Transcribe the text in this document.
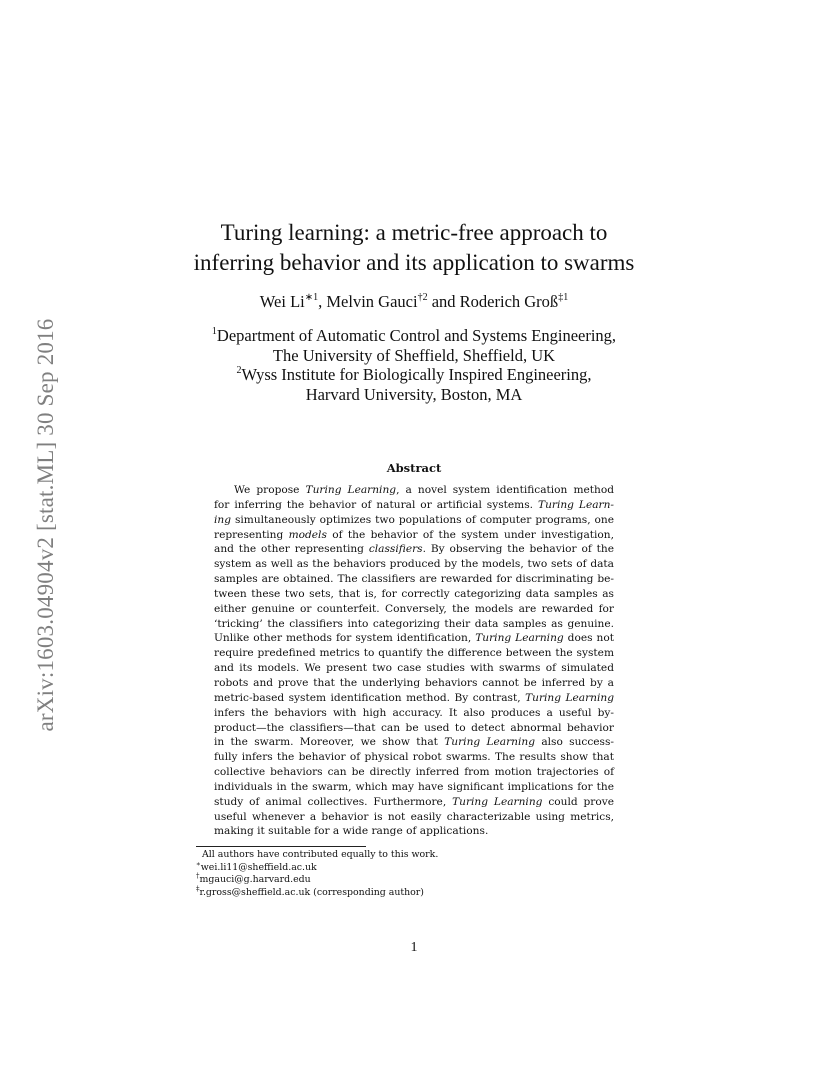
arXiv:1603.04904v2 [stat.ML] 30 Sep 2016
Turing learning: a metric-free approach to
inferring behavior and its application to swarms
Wei $Li^{∗1}$, Melvin Gauci$^{\dagger 2}$ and Roderich Groß$^{\ddagger 1}$
$^1$Department of Automatic Control and Systems Engineering,
The University of Sheffield, Sheffield, UK
$^2$Wyss Institute for Biologically Inspired Engineering,
Harvard University, Boston, MA
Abstract
We propose Turing Learning, a novel system identification method
for inferring the behavior of natural or artificial systems. Turing Learn-
ing simultaneously optimizes two populations of computer programs, one
representing models of the behavior of the system under investigation,
and the other representing classifiers. By observing the behavior of the
system as well as the behaviors produced by the models, two sets of data
samples are obtained. The classifiers are rewarded for discriminating be-
tween these two sets, that is, for correctly categorizing data samples as
either genuine or counterfeit. Conversely, the models are rewarded for
‘tricking’ the classifiers into categorizing their data samples as genuine.
Unlike other methods for system identification, Turing Learning does not
require predefined metrics to quantify the difference between the system
and its models. We present two case studies with swarms of simulated
robots and prove that the underlying behaviors cannot be inferred by a
metric-based system identification method. By contrast, Turing Learning
infers the behaviors with high accuracy. It also produces a useful by-
product—the classifiers—that can be used to detect abnormal behavior
in the swarm. Moreover, we show that Turing Learning also success-
fully infers the behavior of physical robot swarms. The results show that
collective behaviors can be directly inferred from motion trajectories of
individuals in the swarm, which may have significant implications for the
study of animal collectives. Furthermore, Turing Learning could prove
useful whenever a behavior is not easily characterizable using metrics,
making it suitable for a wide range of applications.
All authors have contributed equally to this work.
∗wei.li11@sheffield.ac.uk
†mgauci@g.harvard.edu
‡r.gross@sheffield.ac.uk (corresponding author)
1
